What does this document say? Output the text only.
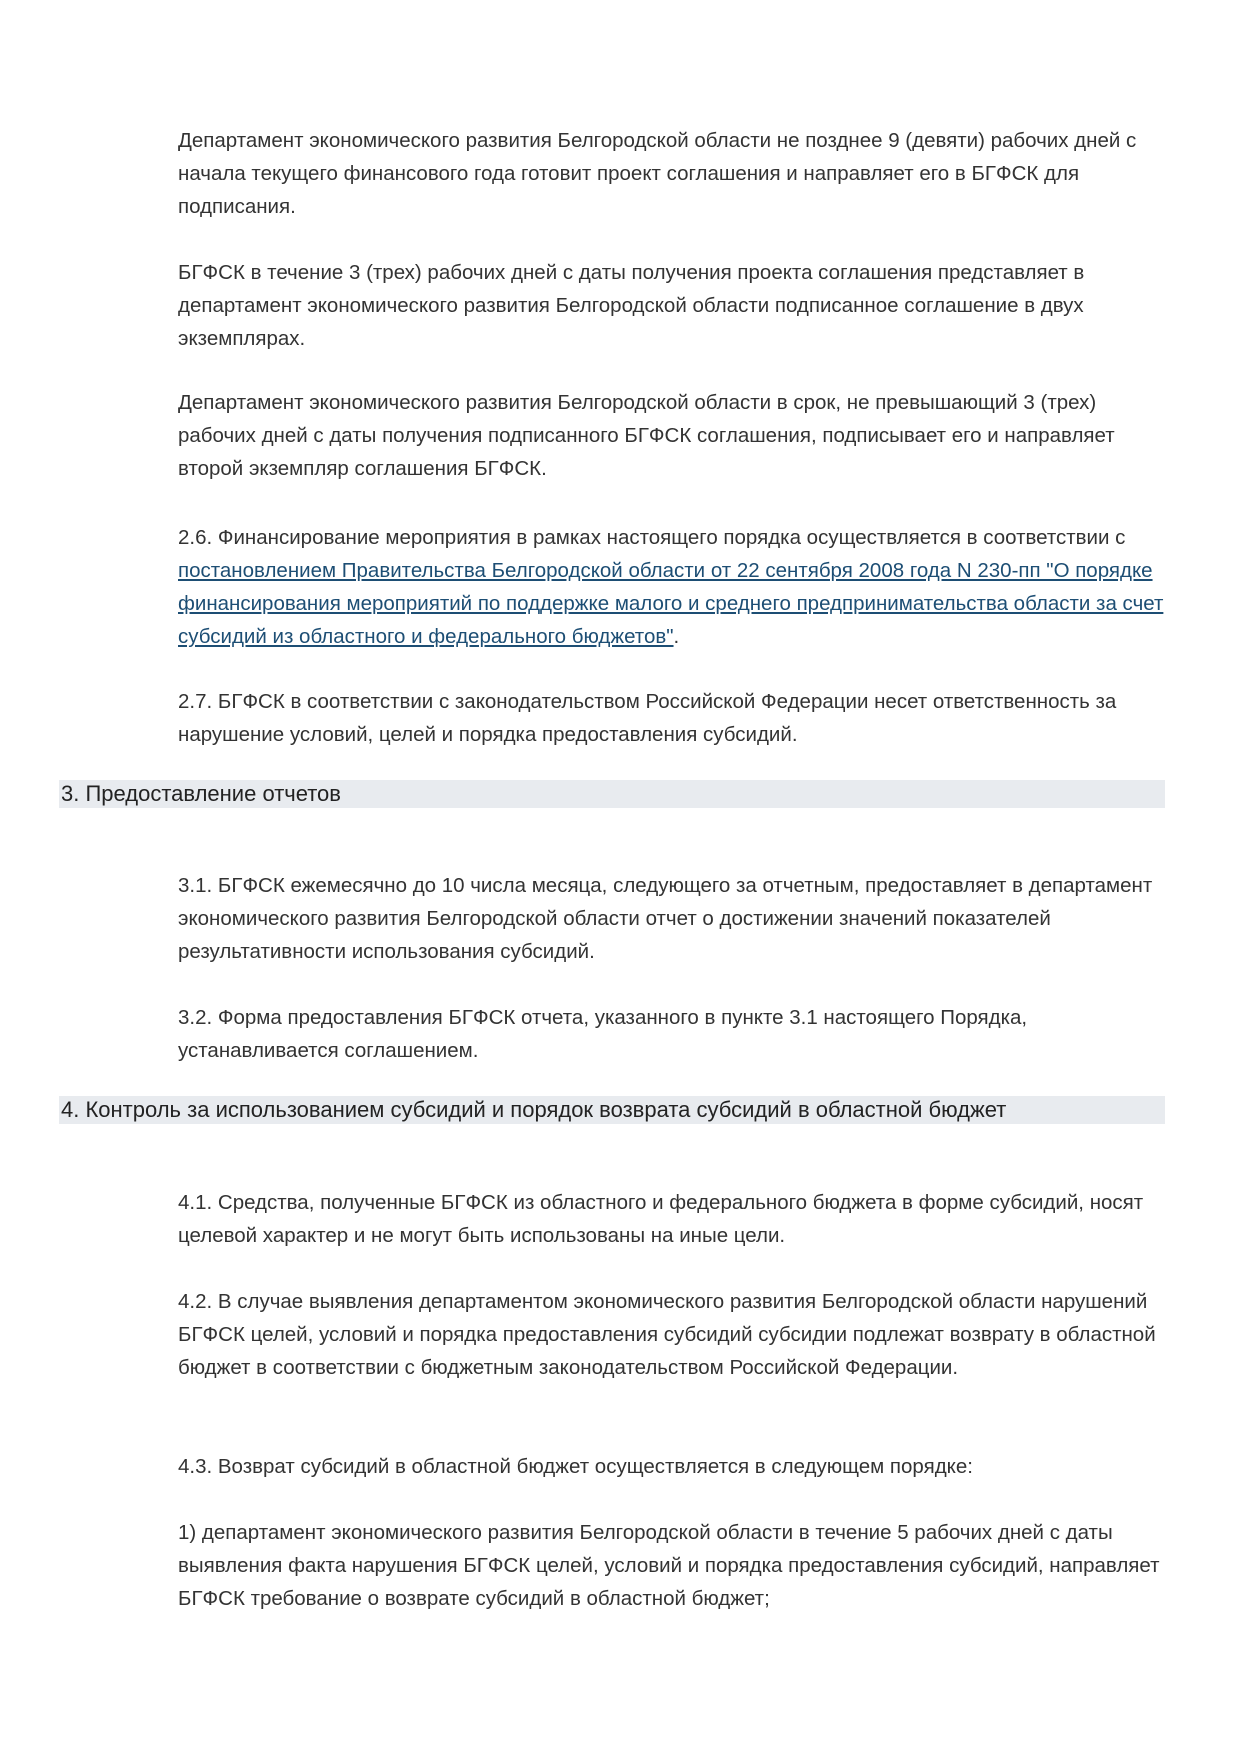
Департамент экономического развития Белгородской области не позднее 9 (девяти) рабочих дней с начала текущего финансового года готовит проект соглашения и направляет его в БГФСК для подписания.

БГФСК в течение 3 (трех) рабочих дней с даты получения проекта соглашения представляет в департамент экономического развития Белгородской области подписанное соглашение в двух экземплярах.

Департамент экономического развития Белгородской области в срок, не превышающий 3 (трех) рабочих дней с даты получения подписанного БГФСК соглашения, подписывает его и направляет второй экземпляр соглашения БГФСК.

2.6. Финансирование мероприятия в рамках настоящего порядка осуществляется в соответствии с постановлением Правительства Белгородской области от 22 сентября 2008 года N 230-пп "О порядке финансирования мероприятий по поддержке малого и среднего предпринимательства области за счет субсидий из областного и федерального бюджетов".

2.7. БГФСК в соответствии с законодательством Российской Федерации несет ответственность за нарушение условий, целей и порядка предоставления субсидий.

3. Предоставление отчетов

3.1. БГФСК ежемесячно до 10 числа месяца, следующего за отчетным, предоставляет в департамент экономического развития Белгородской области отчет о достижении значений показателей результативности использования субсидий.

3.2. Форма предоставления БГФСК отчета, указанного в пункте 3.1 настоящего Порядка, устанавливается соглашением.

4. Контроль за использованием субсидий и порядок возврата субсидий в областной бюджет

4.1. Средства, полученные БГФСК из областного и федерального бюджета в форме субсидий, носят целевой характер и не могут быть использованы на иные цели.

4.2. В случае выявления департаментом экономического развития Белгородской области нарушений БГФСК целей, условий и порядка предоставления субсидий субсидии подлежат возврату в областной бюджет в соответствии с бюджетным законодательством Российской Федерации.

4.3. Возврат субсидий в областной бюджет осуществляется в следующем порядке:

1) департамент экономического развития Белгородской области в течение 5 рабочих дней с даты выявления факта нарушения БГФСК целей, условий и порядка предоставления субсидий, направляет БГФСК требование о возврате субсидий в областной бюджет;
